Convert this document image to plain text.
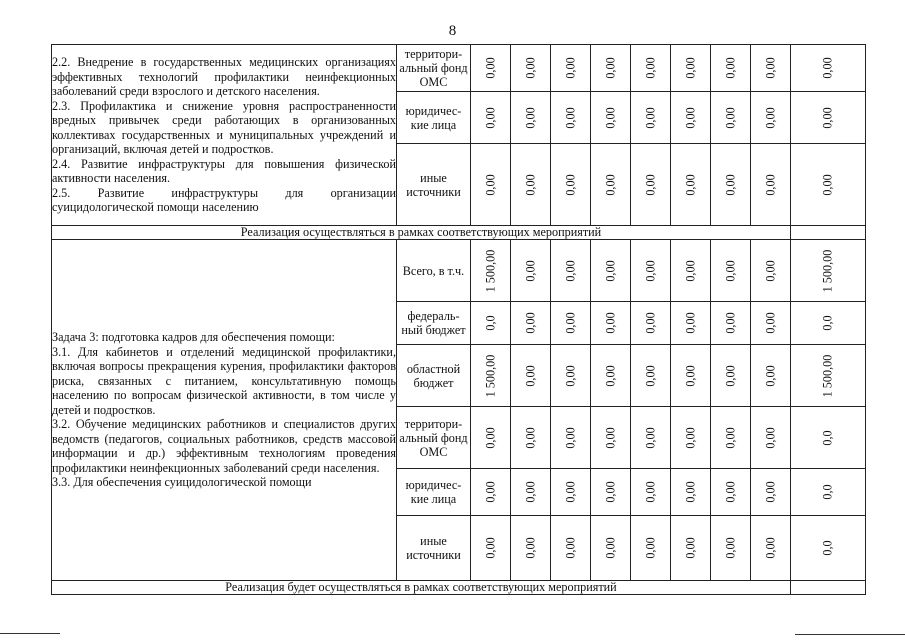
8

2.2. Внедрение в государственных медицинских организациях эффективных технологий профилактики неинфекционных заболеваний среди взрослого и детского населения.

2.3. Профилактика и снижение уровня распространенности вредных привычек среди работающих в организованных коллективах государственных и муниципальных учреждений и организаций, включая детей и подростков.

2.4. Развитие инфраструктуры для повышения физической активности населения.

2.5. Развитие инфраструктуры для организации суицидологической помощи населению	территори-альный фонд ОМС	0,00	0,00	0,00	0,00	0,00	0,00	0,00	0,00	0,00

	юридичес-кие лица	0,00	0,00	0,00	0,00	0,00	0,00	0,00	0,00	0,00

	иные источники	0,00	0,00	0,00	0,00	0,00	0,00	0,00	0,00	0,00

Реализация осуществляться в рамках соответствующих мероприятий										

Задача 3: подготовка кадров для обеспечения помощи:

3.1. Для кабинетов и отделений медицинской профилактики, включая вопросы прекращения курения, профилактики факторов риска, связанных с питанием, консультативную помощь населению по вопросам физической активности, в том числе у детей и подростков.

3.2. Обучение медицинских работников и специалистов других ведомств (педагогов, социальных работников, средств массовой информации и др.) эффективным технологиям проведения профилактики неинфекционных заболеваний среди населения.

3.3. Для обеспечения суицидологической помощи	Всего, в т.ч.	1 500,00	0,00	0,00	0,00	0,00	0,00	0,00	0,00	1 500,00

	федераль-ный бюджет	0,0	0,00	0,00	0,00	0,00	0,00	0,00	0,00	0,0

	областной бюджет	1 500,00	0,00	0,00	0,00	0,00	0,00	0,00	0,00	1 500,00

	территори-альный фонд ОМС	0,00	0,00	0,00	0,00	0,00	0,00	0,00	0,00	0,0

	юридичес-кие лица	0,00	0,00	0,00	0,00	0,00	0,00	0,00	0,00	0,0

	иные источники	0,00	0,00	0,00	0,00	0,00	0,00	0,00	0,00	0,0

Реализация будет осуществляться в рамках соответствующих мероприятий										
